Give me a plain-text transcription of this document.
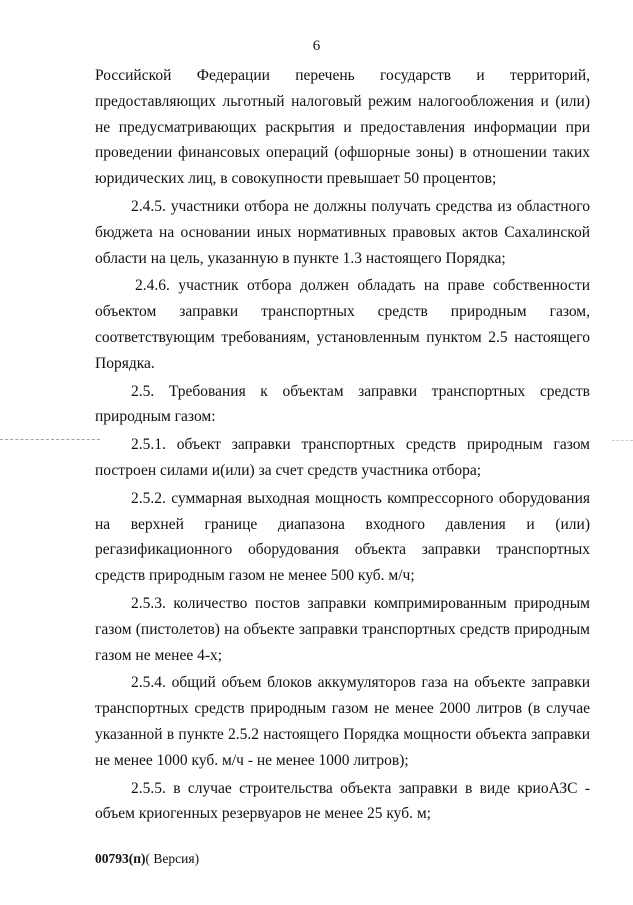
6

Российской Федерации перечень государств и территорий, предоставляющих льготный налоговый режим налогообложения и (или) не предусматривающих раскрытия и предоставления информации при проведении финансовых операций (офшорные зоны) в отношении таких юридических лиц, в совокупности превышает 50 процентов;

2.4.5. участники отбора не должны получать средства из областного бюджета на основании иных нормативных правовых актов Сахалинской области на цель, указанную в пункте 1.3 настоящего Порядка;

2.4.6. участник отбора должен обладать на праве собственности объектом заправки транспортных средств природным газом, соответствующим требованиям, установленным пунктом 2.5 настоящего Порядка.

2.5. Требования к объектам заправки транспортных средств природным газом:

2.5.1. объект заправки транспортных средств природным газом построен силами и(или) за счет средств участника отбора;

2.5.2. суммарная выходная мощность компрессорного оборудования на верхней границе диапазона входного давления и (или) регазификационного оборудования объекта заправки транспортных средств природным газом не менее 500 куб. м/ч;

2.5.3. количество постов заправки компримированным природным газом (пистолетов) на объекте заправки транспортных средств природным газом не менее 4-х;

2.5.4. общий объем блоков аккумуляторов газа на объекте заправки транспортных средств природным газом не менее 2000 литров (в случае указанной в пункте 2.5.2 настоящего Порядка мощности объекта заправки не менее 1000 куб. м/ч - не менее 1000 литров);

2.5.5. в случае строительства объекта заправки в виде криоАЗС - объем криогенных резервуаров не менее 25 куб. м;

00793(п)( Версия)
